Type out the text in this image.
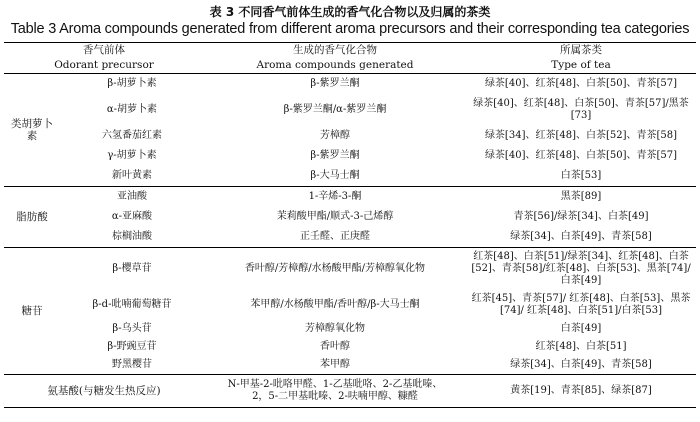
表 3 不同香气前体生成的香气化合物以及归属的茶类
Table 3 Aroma compounds generated from different aroma precursors and their corresponding tea categories
香气前体		生成的香气化合物	所属茶类
Odorant precursor		Aroma compounds generated	Type of tea
类胡萝卜素	β-胡萝卜素	β-紫罗兰酮	绿茶[40]、红茶[48]、白茶[50]、青茶[57]
	α-胡萝卜素	β-紫罗兰酮/α-紫罗兰酮	绿茶[40]、红茶[48]、白茶[50]、青茶[57]/黑茶[73]
	六氢番茄红素	芳樟醇	绿茶[34]、红茶[48]、白茶[52]、青茶[58]
	γ-胡萝卜素	β-紫罗兰酮	绿茶[40]、红茶[48]、白茶[50]、青茶[57]
	新叶黄素	β-大马士酮	白茶[53]
脂肪酸	亚油酸	1-辛烯-3-酮	黑茶[89]
	α-亚麻酸	茉莉酸甲酯/顺式-3-己烯醇	青茶[56]/绿茶[34]、白茶[49]
	棕榈油酸	正壬醛、正庚醛	绿茶[34]、白茶[49]、青茶[58]
糖苷	β-樱草苷	香叶醇/芳樟醇/水杨酸甲酯/芳樟醇氧化物	红茶[48]、白茶[51]/绿茶[34]、红茶[48]、白茶[52]、青茶[58]/红茶[48]、白茶[53]、黑茶[74]/白茶[49]
	β-d-吡喃葡萄糖苷	苯甲醇/水杨酸甲酯/香叶醇/β-大马士酮	红茶[45]、青茶[57]/ 红茶[48]、白茶[53]、黑茶[74]/ 红茶[48]、白茶[51]/白茶[53]
	β-乌头苷	芳樟醇氧化物	白茶[49]
	β-野豌豆苷	香叶醇	红茶[48]、白茶[51]
	野黑樱苷	苯甲醇	绿茶[34]、白茶[49]、青茶[58]
氨基酸(与糖发生热反应)		N-甲基-2-吡咯甲醛、1-乙基吡咯、2-乙基吡嗪、
2，5-二甲基吡嗪、2-呋喃甲醇、糠醛	黄茶[19]、青茶[85]、绿茶[87]
